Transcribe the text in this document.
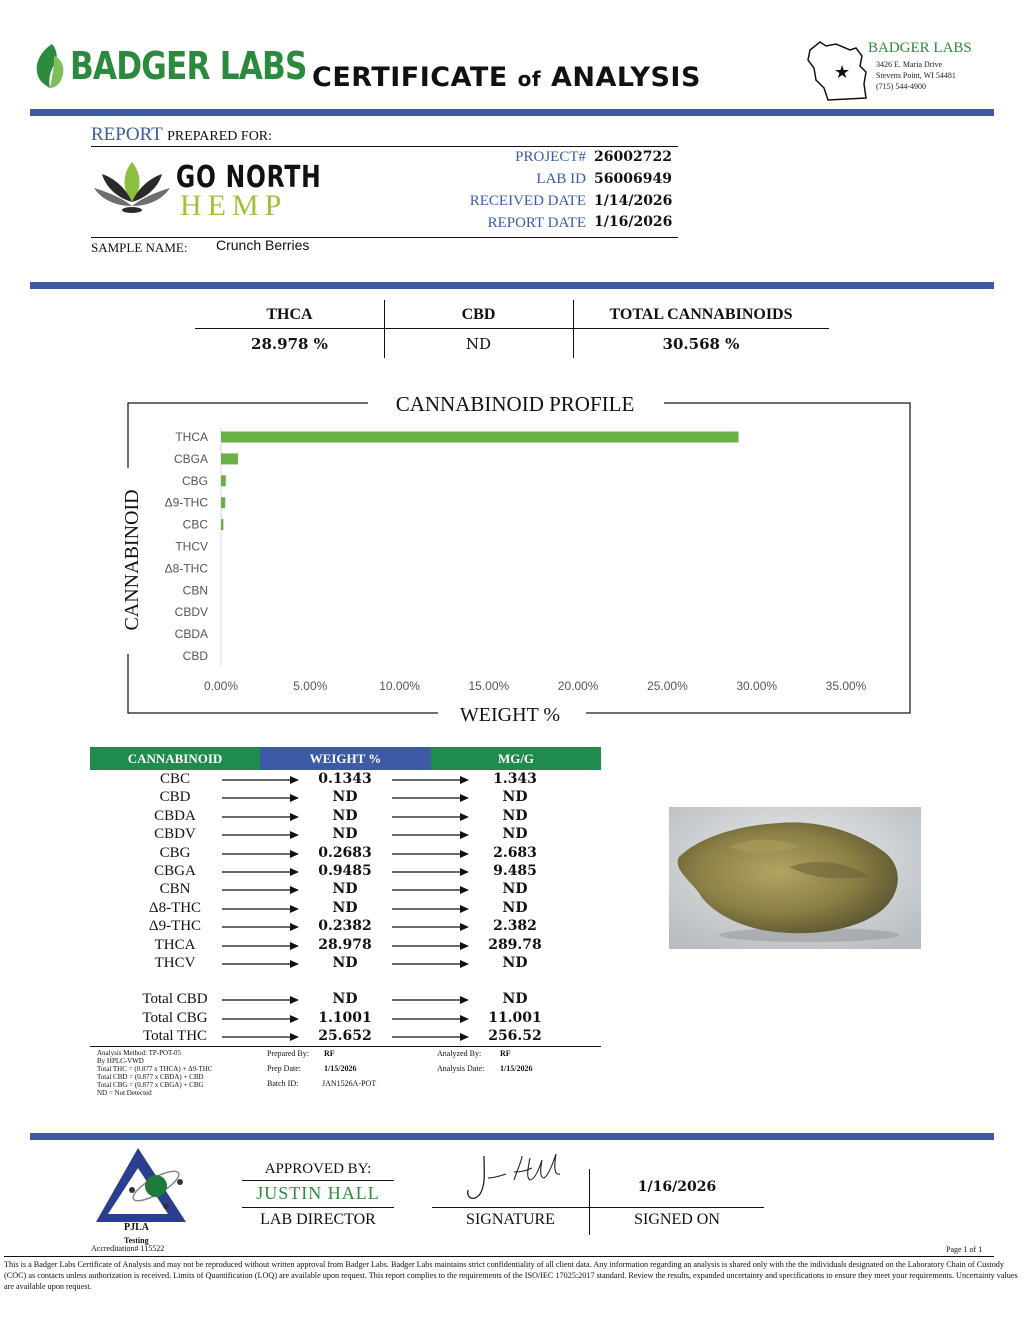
BADGER LABS CERTIFICATE of ANALYSIS	★
BADGER LABS
3426 E. Maria Drive
Stevens Point, WI 54481
(715) 544-4900
REPORT PREPARED FOR:
GO NORTH
HEMP
PROJECT# 26002722
LAB ID 56006949
RECEIVED DATE 1/14/2026
REPORT DATE 1/16/2026
SAMPLE NAME: Crunch Berries
THCA	CBD	TOTAL CANNABINOIDS
28.978 %	ND	30.568 %
CANNABINOID PROFILE
WEIGHT %
CANNABINOID
THCA
CBGA
CBG
Δ9-THC
CBC
THCV
Δ8-THC
CBN
CBDV
CBDA
CBD
0.00%	5.00%	10.00%	15.00%	20.00%	25.00%	30.00%	35.00%
CANNABINOID	WEIGHT %	MG/G
CBC	0.1343	1.343
CBD	ND	ND
CBDA	ND	ND
CBDV	ND	ND
CBG	0.2683	2.683
CBGA	0.9485	9.485
CBN	ND	ND
Δ8-THC	ND	ND
Δ9-THC	0.2382	2.382
THCA	28.978	289.78
THCV	ND	ND
Total CBD	ND	ND
Total CBG	1.1001	11.001
Total THC	25.652	256.52
Analysis Method: TP-POT-05
By HPLC-VWD
Total THC = (0.877 x THCA) + Δ9-THC
Total CBD = (0.877 x CBDA) + CBD
Total CBG = (0.877 x CBGA) + CBG
ND = Not Detected
Prepared By: RF
Prep Date:	1/15/2026
Batch ID:	JAN1526A-POT
Analyzed By: RF
Analysis Date: 1/15/2026
PJLA
Testing
Accreditation# 115522
APPROVED BY:
JUSTIN HALL
LAB DIRECTOR	SIGNATURE
1/16/2026
SIGNED ON
Page 1 of 1
This is a Badger Labs Certificate of Analysis and may not be reproduced without written approval from Badger Labs. Badger Labs maintains strict confidentiality of all client data. Any information regarding an analysis is shared only with the the individuals designated on the Laboratory Chain of Custody (COC) as contacts unless authorization is received. Limits of Quantification (LOQ) are available upon request. This report complies to the requirements of the ISO/IEC 17025:2017 standard. Review the results, expanded uncertainty and specifications to ensure they meet your requirements. Uncertainty values are available upon request.
